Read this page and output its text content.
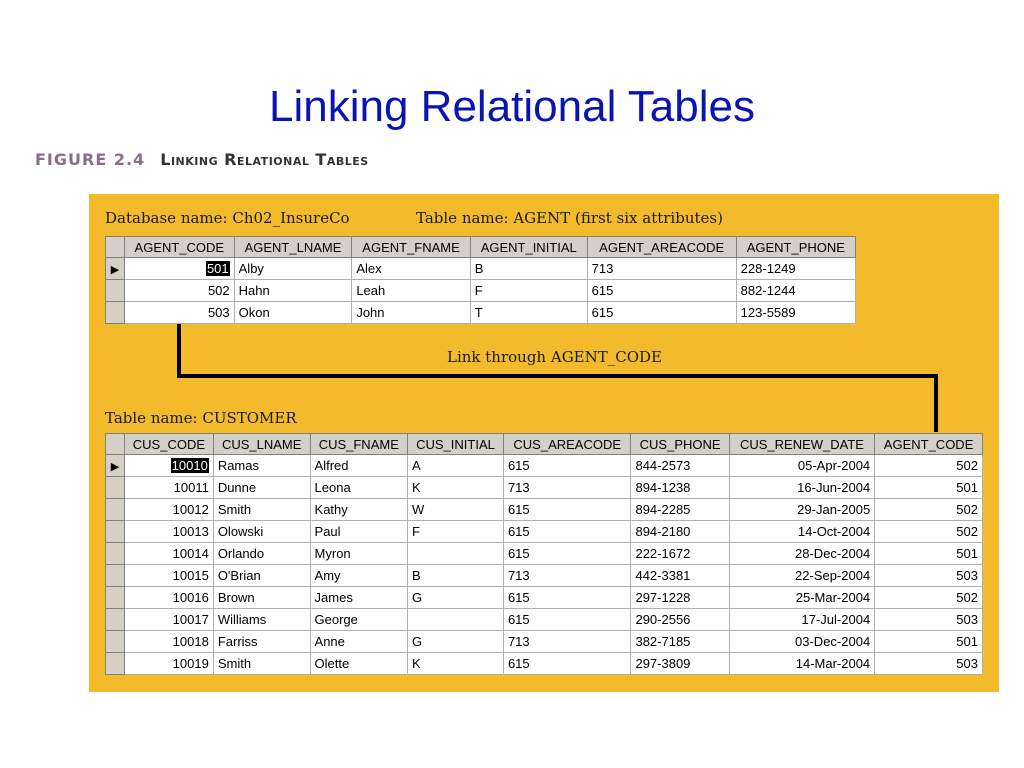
Linking Relational Tables
FIGURE 2.4 Linking Relational Tables
Database name: Ch02_InsureCo	Table name: AGENT (first six attributes)
	AGENT_CODE	AGENT_LNAME	AGENT_FNAME	AGENT_INITIAL	AGENT_AREACODE	AGENT_PHONE
▶	501	Alby	Alex	B	713	228-1249
	502	Hahn	Leah	F	615	882-1244
	503	Okon	John	T	615	123-5589
Link through AGENT_CODE
Table name: CUSTOMER
	CUS_CODE	CUS_LNAME	CUS_FNAME	CUS_INITIAL	CUS_AREACODE	CUS_PHONE	CUS_RENEW_DATE	AGENT_CODE
▶	10010	Ramas	Alfred	A	615	844-2573	05-Apr-2004	502
	10011	Dunne	Leona	K	713	894-1238	16-Jun-2004	501
	10012	Smith	Kathy	W	615	894-2285	29-Jan-2005	502
	10013	Olowski	Paul	F	615	894-2180	14-Oct-2004	502
	10014	Orlando	Myron		615	222-1672	28-Dec-2004	501
	10015	O'Brian	Amy	B	713	442-3381	22-Sep-2004	503
	10016	Brown	James	G	615	297-1228	25-Mar-2004	502
	10017	Williams	George		615	290-2556	17-Jul-2004	503
	10018	Farriss	Anne	G	713	382-7185	03-Dec-2004	501
	10019	Smith	Olette	K	615	297-3809	14-Mar-2004	503
